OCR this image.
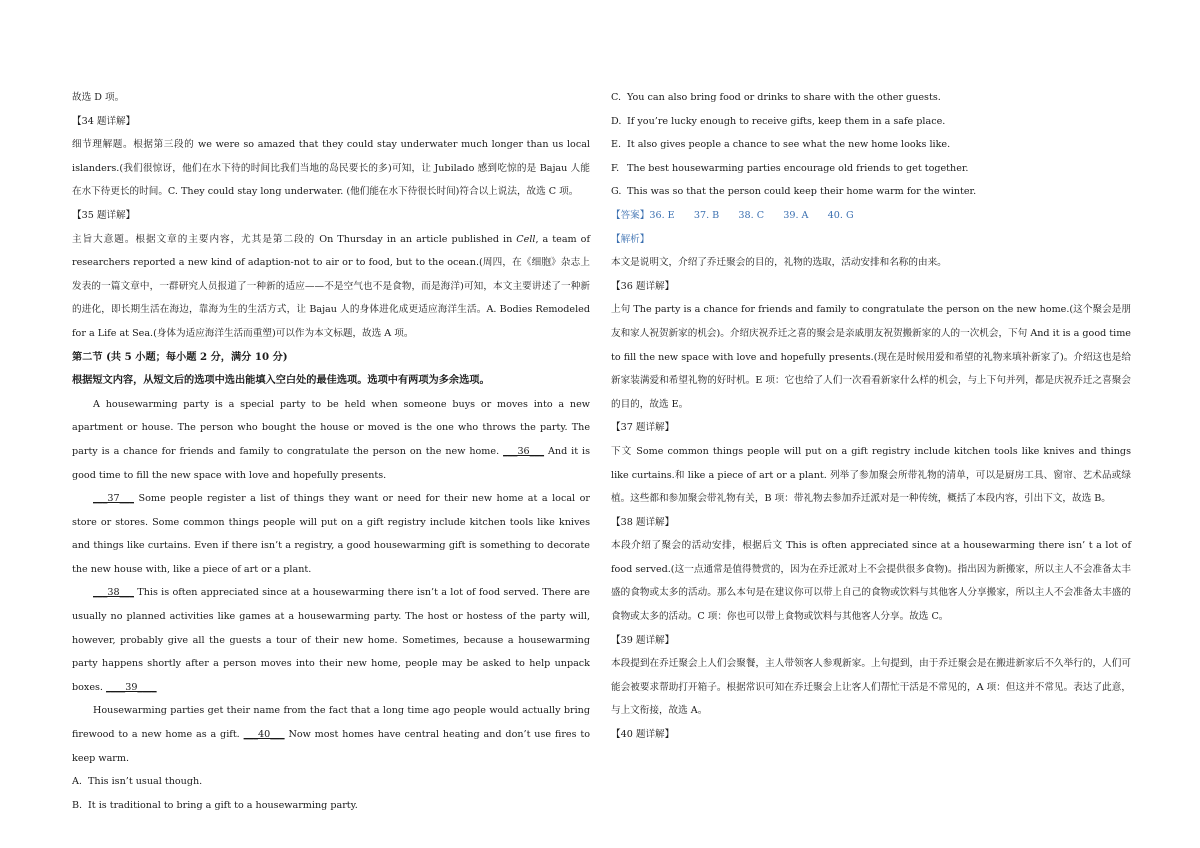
故选 D 项。

【34 题详解】

细节理解题。根据第三段的 we were so amazed that they could stay underwater much longer than us local islanders.(我们很惊讶，他们在水下待的时间比我们当地的岛民要长的多)可知，让 Jubilado 感到吃惊的是 Bajau 人能在水下待更长的时间。C. They could stay long underwater. (他们能在水下待很长时间)符合以上说法，故选 C 项。

【35 题详解】

主旨大意题。根据文章的主要内容，尤其是第二段的 On Thursday in an article published in Cell, a team of researchers reported a new kind of adaption-not to air or to food, but to the ocean.(周四，在《细胞》杂志上发表的一篇文章中，一群研究人员报道了一种新的适应——不是空气也不是食物，而是海洋)可知，本文主要讲述了一种新的进化，即长期生活在海边，靠海为生的生活方式，让 Bajau 人的身体进化成更适应海洋生活。A. Bodies Remodeled for a Life at Sea.(身体为适应海洋生活而重塑)可以作为本文标题，故选 A 项。

第二节 (共 5 小题；每小题 2 分，满分 10 分)

根据短文内容，从短文后的选项中选出能填入空白处的最佳选项。选项中有两项为多余选项。

A housewarming party is a special party to be held when someone buys or moves into a new apartment or house. The person who bought the house or moved is the one who throws the party. The party is a chance for friends and family to congratulate the person on the new home. ___36___ And it is good time to fill the new space with love and hopefully presents.

___37___ Some people register a list of things they want or need for their new home at a local or store or stores. Some common things people will put on a gift registry include kitchen tools like knives and things like curtains. Even if there isn’t a registry, a good housewarming gift is something to decorate the new house with, like a piece of art or a plant.

___38___ This is often appreciated since at a housewarming there isn’t a lot of food served. There are usually no planned activities like games at a housewarming party. The host or hostess of the party will, however, probably give all the guests a tour of their new home. Sometimes, because a housewarming party happens shortly after a person moves into their new home, people may be asked to help unpack boxes. ____39____

Housewarming parties get their name from the fact that a long time ago people would actually bring firewood to a new home as a gift. ___40___ Now most homes have central heating and don’t use fires to keep warm.

A. This isn’t usual though.

B. It is traditional to bring a gift to a housewarming party.

C. You can also bring food or drinks to share with the other guests.

D. If you’re lucky enough to receive gifts, keep them in a safe place.

E. It also gives people a chance to see what the new home looks like.

F. The best housewarming parties encourage old friends to get together.

G. This was so that the person could keep their home warm for the winter.

【答案】36. E　　37. B　　38. C　　39. A　　40. G

【解析】

本文是说明文，介绍了乔迁聚会的目的，礼物的选取，活动安排和名称的由来。

【36 题详解】

上句 The party is a chance for friends and family to congratulate the person on the new home.(这个聚会是朋友和家人祝贺新家的机会)。介绍庆祝乔迁之喜的聚会是亲戚朋友祝贺搬新家的人的一次机会，下句 And it is a good time to fill the new space with love and hopefully presents.(现在是时候用爱和希望的礼物来填补新家了)。介绍这也是给新家装满爱和希望礼物的好时机。E 项：它也给了人们一次看看新家什么样的机会，与上下句并列，都是庆祝乔迁之喜聚会的目的，故选 E。

【37 题详解】

下文 Some common things people will put on a gift registry include kitchen tools like knives and things like curtains.和 like a piece of art or a plant. 列举了参加聚会所带礼物的清单，可以是厨房工具、窗帘、艺术品或绿植。这些都和参加聚会带礼物有关，B 项：带礼物去参加乔迁派对是一种传统，概括了本段内容，引出下文，故选 B。

【38 题详解】

本段介绍了聚会的活动安排，根据后文 This is often appreciated since at a housewarming there isn’ t a lot of food served.(这一点通常是值得赞赏的，因为在乔迁派对上不会提供很多食物)。指出因为新搬家，所以主人不会准备太丰盛的食物或太多的活动。那么本句是在建议你可以带上自己的食物或饮料与其他客人分享搬家，所以主人不会准备太丰盛的食物或太多的活动。C 项：你也可以带上食物或饮料与其他客人分享。故选 C。

【39 题详解】

本段提到在乔迁聚会上人们会聚餐，主人带领客人参观新家。上句提到，由于乔迁聚会是在搬进新家后不久举行的，人们可能会被要求帮助打开箱子。根据常识可知在乔迁聚会上让客人们帮忙干活是不常见的，A 项：但这并不常见。表达了此意，与上文衔接，故选 A。

【40 题详解】
